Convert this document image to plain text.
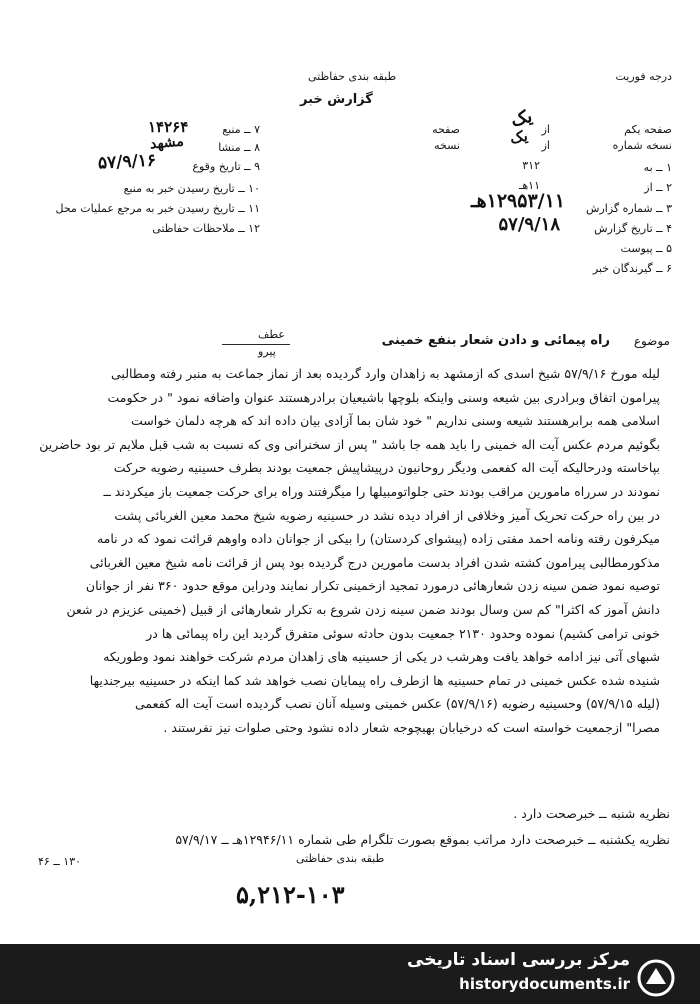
طبقه بندی حفاظتی
گزارش خبر
درجه فوریت
صفحه یکم
از
صفحه	یک
نسخه شماره
از
نسخه	یک
۱ ــ به
۳۱۲
۲ ــ از
۱۱هـ
۳ ــ شماره گزارش
۱۲۹۵۳/۱۱هـ
۴ ــ تاریخ گزارش
۵۷/۹/۱۸
۵ ــ پیوست
۶ ــ گیرندگان خبر
۷ ــ منبع
۱۴۲۶۴
۸ ــ منشا
مشهد
۹ ــ تاریخ وقوع
۵۷/۹/۱۶
۱۰ ــ تاریخ رسیدن خبر به منبع
۱۱ ــ تاریخ رسیدن خبر به مرجع عملیات محل
۱۲ ــ ملاحظات حفاظتی
عطف
پیرو
موضوع
راه پیمائی و دادن شعار بنفع خمینی

لیله مورخ ۵۷/۹/۱۶ شیخ اسدی که ازمشهد به زاهدان وارد گردیده بعد از نماز جماعت به منبر رفته ومطالبی

پیرامون اتفاق وبرادری بین شیعه وسنی واینکه بلوچها باشیعیان برادرهستند عنوان واضافه نمود " در حکومت

اسلامی همه برابرهستند شیعه وسنی نداریم " خود شان بما آزادی بیان داده اند که هرچه دلمان خواست

بگوئیم مردم عکس آیت اله خمینی را باید همه جا باشد " پس از سخنرانی وی که نسبت به شب قبل ملایم تر بود حاضرین

بپاخاسته ودرحالیکه آیت اله کفعمی ودیگر روحانیون درپیشاپیش جمعیت بودند بطرف حسینیه رضویه حرکت

نمودند در سرراه مامورین مراقب بودند حتی جلواتومبیلها را میگرفتند وراه برای حرکت جمعیت باز میکردند ــ

در بین راه حرکت تحریک آمیز وخلافی از افراد دیده نشد در حسینیه رضویه شیخ محمد معین الغربائی پشت

میکرفون رفته ونامه احمد مفتی زاده (پیشوای کردستان) را بیکی از جوانان داده واوهم قرائت نمود که در نامه

مذکورمطالبی پیرامون کشته شدن افراد بدست مامورین درج گردیده بود پس از قرائت نامه شیخ معین الغربائی

توصیه نمود ضمن سینه زدن شعارهائی درمورد تمجید ازخمینی تکرار نمایند ودراین موقع حدود ۳۶۰ نفر از جوانان

دانش آموز که اکثرا" کم سن وسال بودند ضمن سینه زدن شروع به تکرار شعارهائی از قبیل (خمینی عزیزم در شعن

خونی ترامی کشیم) نموده وحدود ۲۱۳۰ جمعیت بدون حادثه سوئی متفرق گردید این راه پیمائی ها در

شبهای آتی نیز ادامه خواهد یافت وهرشب در یکی از حسینیه های زاهدان مردم شرکت خواهند نمود وطوریکه

شنیده شده عکس خمینی در تمام حسینیه ها ازطرف راه پیمایان نصب خواهد شد کما اینکه در حسینیه بیرجندیها

(لیله ۵۷/۹/۱۵) وحسینیه رضویه (۵۷/۹/۱۶) عکس خمینی وسیله آنان نصب گردیده است آیت اله کفعمی

مصرا" ازجمعیت خواسته است که درخیابان بهیچوجه شعار داده نشود وحتی صلوات نیز نفرستند .

نظریه شنبه ــ خبرصحت دارد .
نظریه یکشنبه ــ خبرصحت دارد مراتب بموقع بصورت تلگرام طی شماره ۱۲۹۴۶/۱۱هـ ــ ۵۷/۹/۱۷
طبقه بندی حفاظتی
۱۳۰ ــ ۴۶
۵,۲۱۲-۱۰۳
مرکز بررسی اسناد تاریخی
historydocuments.ir
